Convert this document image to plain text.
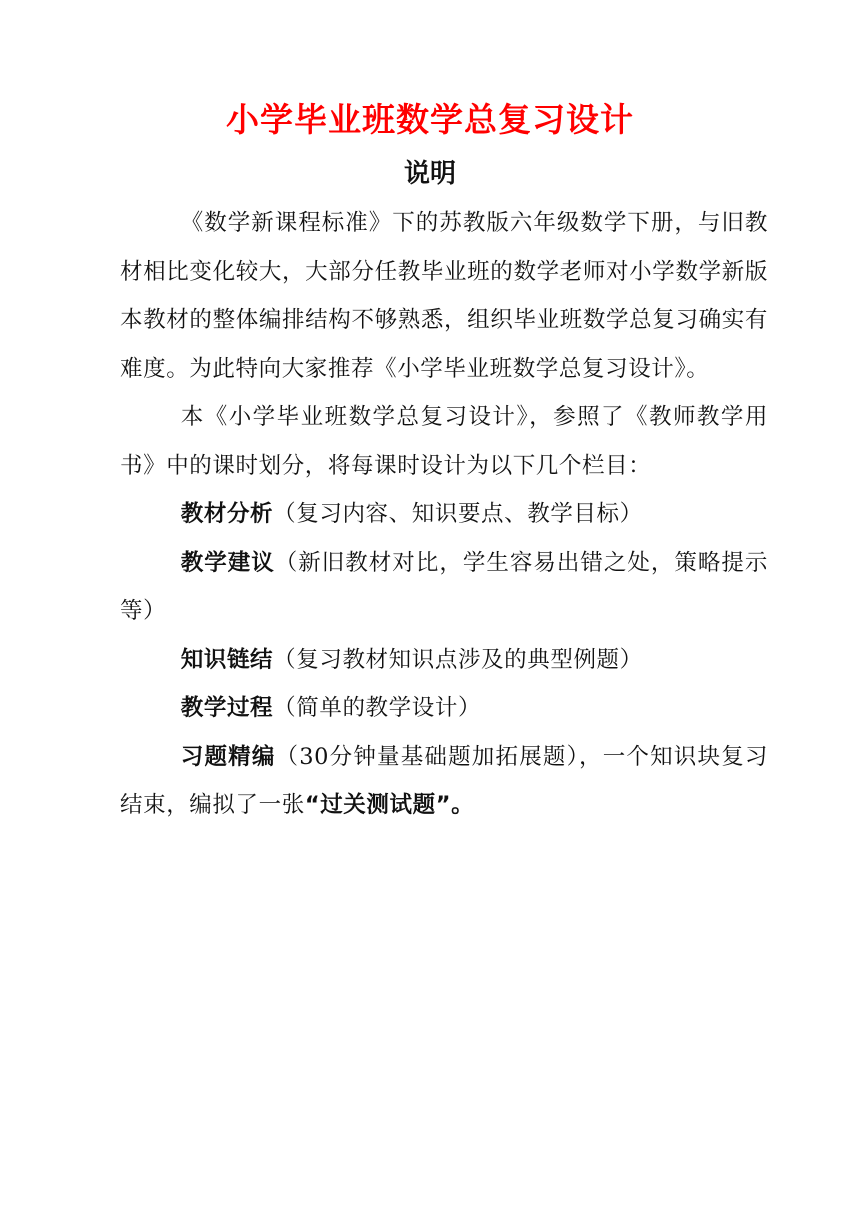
小学毕业班数学总复习设计
说明

《数学新课程标准》下的苏教版六年级数学下册，与旧教材相比变化较大，大部分任教毕业班的数学老师对小学数学新版本教材的整体编排结构不够熟悉，组织毕业班数学总复习确实有难度。为此特向大家推荐《小学毕业班数学总复习设计》。

本《小学毕业班数学总复习设计》，参照了《教师教学用书》中的课时划分，将每课时设计为以下几个栏目：

教材分析（复习内容、知识要点、教学目标）

教学建议（新旧教材对比，学生容易出错之处，策略提示等）

知识链结（复习教材知识点涉及的典型例题）

教学过程（简单的教学设计）

习题精编（30分钟量基础题加拓展题），一个知识块复习结束，编拟了一张“过关测试题”。
